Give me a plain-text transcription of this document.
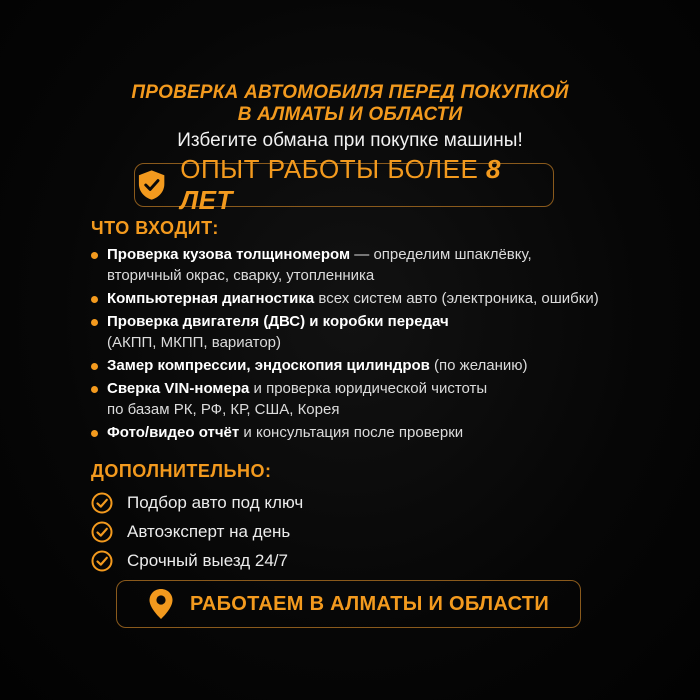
ПРОВЕРКА АВТОМОБИЛЯ ПЕРЕД ПОКУПКОЙ
В АЛМАТЫ И ОБЛАСТИ
Избегите обмана при покупке машины!
ОПЫТ РАБОТЫ БОЛЕЕ 8 ЛЕТ
ЧТО ВХОДИТ:
Проверка кузова толщиномером — определим шпаклёвку,
вторичный окрас, сварку, утопленника
Компьютерная диагностика всех систем авто (электроника, ошибки)
Проверка двигателя (ДВС) и коробки передач
(АКПП, МКПП, вариатор)
Замер компрессии, эндоскопия цилиндров (по желанию)
Сверка VIN-номера и проверка юридической чистоты
по базам РК, РФ, КР, США, Корея
Фото/видео отчёт и консультация после проверки
ДОПОЛНИТЕЛЬНО:
Подбор авто под ключ
Автоэксперт на день
Срочный выезд 24/7
РАБОТАЕМ В АЛМАТЫ И ОБЛАСТИ
